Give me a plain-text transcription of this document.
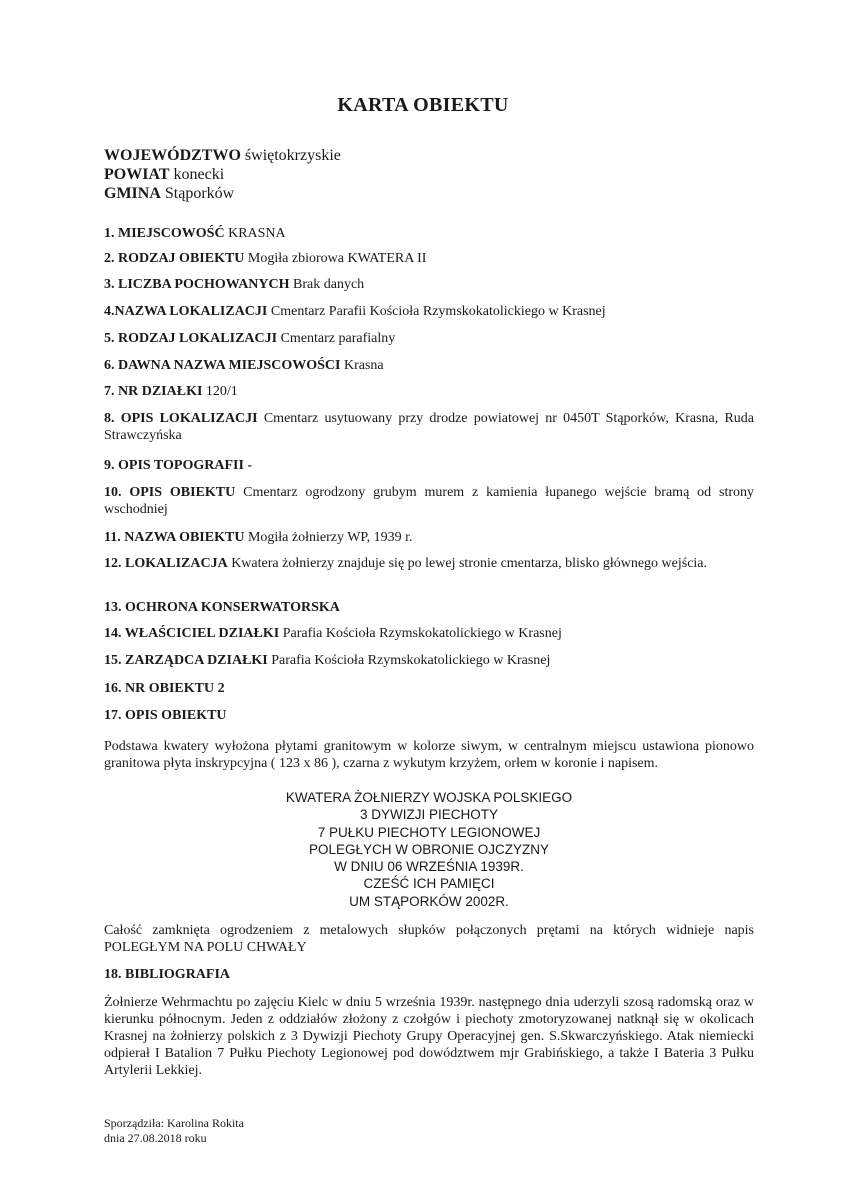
KARTA OBIEKTU
WOJEWÓDZTWO świętokrzyskie
POWIAT konecki
GMINA Stąporków
1. MIEJSCOWOŚĆ KRASNA
2. RODZAJ OBIEKTU Mogiła zbiorowa KWATERA II
3. LICZBA POCHOWANYCH Brak danych
4.NAZWA LOKALIZACJI Cmentarz Parafii Kościoła Rzymskokatolickiego w Krasnej
5. RODZAJ LOKALIZACJI Cmentarz parafialny
6. DAWNA NAZWA MIEJSCOWOŚCI Krasna
7. NR DZIAŁKI 120/1
8. OPIS LOKALIZACJI Cmentarz usytuowany przy drodze powiatowej nr 0450T Stąporków, Krasna, Ruda Strawczyńska
9. OPIS TOPOGRAFII -
10. OPIS OBIEKTU Cmentarz ogrodzony grubym murem z kamienia łupanego wejście bramą od strony wschodniej
11. NAZWA OBIEKTU Mogiła żołnierzy WP, 1939 r.
12. LOKALIZACJA Kwatera żołnierzy znajduje się po lewej stronie cmentarza, blisko głównego wejścia.
13. OCHRONA KONSERWATORSKA
14. WŁAŚCICIEL DZIAŁKI Parafia Kościoła Rzymskokatolickiego w Krasnej
15. ZARZĄDCA DZIAŁKI Parafia Kościoła Rzymskokatolickiego w Krasnej
16. NR OBIEKTU 2
17. OPIS OBIEKTU
Podstawa kwatery wyłożona płytami granitowym w kolorze siwym, w centralnym miejscu ustawiona pionowo granitowa płyta inskrypcyjna ( 123 x 86 ), czarna z wykutym krzyżem, orłem w koronie i napisem.
KWATERA ŻOŁNIERZY WOJSKA POLSKIEGO
3 DYWIZJI PIECHOTY
7 PUŁKU PIECHOTY LEGIONOWEJ
POLEGŁYCH W OBRONIE OJCZYZNY
W DNIU 06 WRZEŚNIA 1939R.
CZEŚĆ ICH PAMIĘCI
UM STĄPORKÓW 2002R.
Całość zamknięta ogrodzeniem z metalowych słupków połączonych prętami na których widnieje napis POLEGŁYM NA POLU CHWAŁY
18. BIBLIOGRAFIA
Żołnierze Wehrmachtu po zajęciu Kielc w dniu 5 września 1939r. następnego dnia uderzyli szosą radomską oraz w kierunku północnym. Jeden z oddziałów złożony z czołgów i piechoty zmotoryzowanej natknął się w okolicach Krasnej na żołnierzy polskich z 3 Dywizji Piechoty Grupy Operacyjnej gen. S.Skwarczyńskiego. Atak niemiecki odpierał I Batalion 7 Pułku Piechoty Legionowej pod dowództwem mjr Grabińskiego, a także I Bateria 3 Pułku Artylerii Lekkiej.
Sporządziła: Karolina Rokita
dnia 27.08.2018 roku
